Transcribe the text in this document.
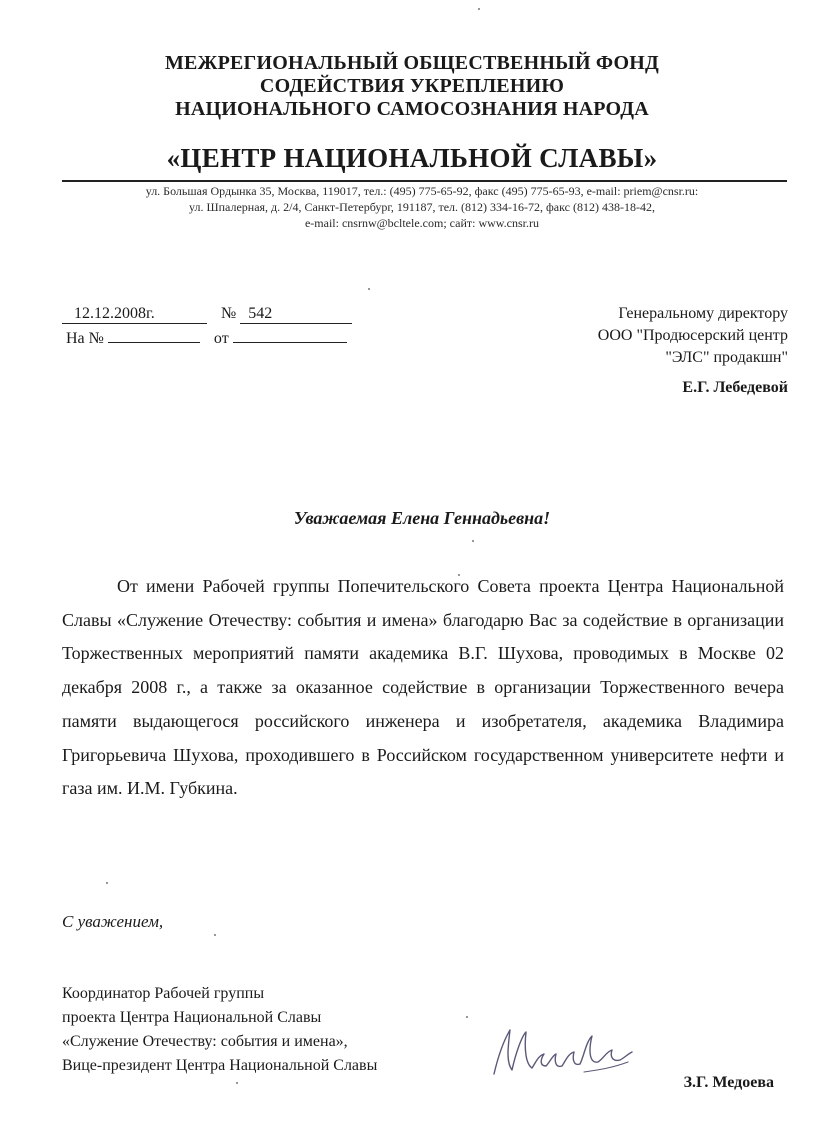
МЕЖРЕГИОНАЛЬНЫЙ ОБЩЕСТВЕННЫЙ ФОНД
СОДЕЙСТВИЯ УКРЕПЛЕНИЮ
НАЦИОНАЛЬНОГО САМОСОЗНАНИЯ НАРОДА
«ЦЕНТР НАЦИОНАЛЬНОЙ СЛАВЫ»
ул. Большая Ордынка 35, Москва, 119017, тел.: (495) 775-65-92, факс (495) 775-65-93, e-mail: priem@cnsr.ru:
ул. Шпалерная, д. 2/4, Санкт-Петербург, 191187, тел. (812) 334-16-72, факс (812) 438-18-42,
e-mail: cnsrnw@bcltele.com; сайт: www.cnsr.ru
12.12.2008г.	№ 542
На №	от
Генеральному директору
ООО "Продюсерский центр
"ЭЛС" продакшн"
Е.Г. Лебедевой
Уважаемая Елена Геннадьевна!
От имени Рабочей группы Попечительского Совета проекта Центра Национальной Славы «Служение Отечеству: события и имена» благодарю Вас за содействие в организации Торжественных мероприятий памяти академика В.Г. Шухова, проводимых в Москве 02 декабря 2008 г., а также за оказанное содействие в организации Торжественного вечера памяти выдающегося российского инженера и изобретателя, академика Владимира Григорьевича Шухова, проходившего в Российском государственном университете нефти и газа им. И.М. Губкина.
С уважением,
Координатор Рабочей группы
проекта Центра Национальной Славы
«Служение Отечеству: события и имена»,
Вице-президент Центра Национальной Славы
З.Г. Медоева
